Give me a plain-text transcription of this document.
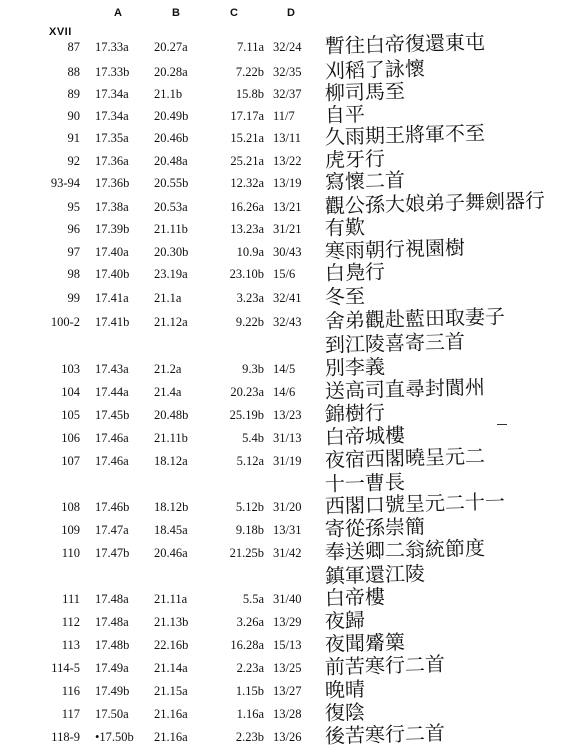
A	B	C	D
XVII
87 17.33a	20.27a	7.11a 32/24	暫往白帝復還東屯
88 17.33b	20.28a	7.22b 32/35	刈稻了詠懷
89 17.34a	21.1b	15.8b 32/37	柳司馬至
90 17.34a	20.49b	17.17a 11/7	自平
91 17.35a	20.46b	15.21a 13/11	久雨期王將軍不至
92 17.36a	20.48a	25.21a 13/22	虎牙行
93-94 17.36b	20.55b	12.32a 13/19	寫懷二首
95 17.38a	20.53a	16.26a 13/21	觀公孫大娘弟子舞劍器行
96 17.39b	21.11b	13.23a 31/21	有歎
97 17.40a	20.30b	10.9a 30/43	寒雨朝行視園樹
98 17.40b	23.19a	23.10b 15/6	白鳧行
99 17.41a	21.1a	3.23a 32/41	冬至
100-2 17.41b	21.12a	9.22b 32/43	舍弟觀赴藍田取妻子
到江陵喜寄三首
103 17.43a	21.2a	9.3b 14/5	別李義
104 17.44a	21.4a	20.23a 14/6	送高司直尋封閬州
105 17.45b	20.48b	25.19b 13/23	錦樹行
106 17.46a	21.11b	5.4b 31/13	白帝城樓
107 17.46a	18.12a	5.12a 31/19	夜宿西閣曉呈元二
十一曹長
108 17.46b	18.12b	5.12b 31/20	西閣口號呈元二十一
109 17.47a	18.45a	9.18b 13/31	寄從孫崇簡
110 17.47b	20.46a	21.25b 31/42	奉送卿二翁統節度
鎮軍還江陵
111 17.48a	21.11a	5.5a 31/40	白帝樓
112 17.48a	21.13b	3.26a 13/29	夜歸
113 17.48b	22.16b	16.28a 15/13	夜聞觱篥
114-5 17.49a	21.14a	2.23a 13/25	前苦寒行二首
116 17.49b	21.15a	1.15b 13/27	晚晴
117 17.50a	21.16a	1.16a 13/28	復陰
118-9 •17.50b	21.16a	2.23b 13/26	後苦寒行二首
